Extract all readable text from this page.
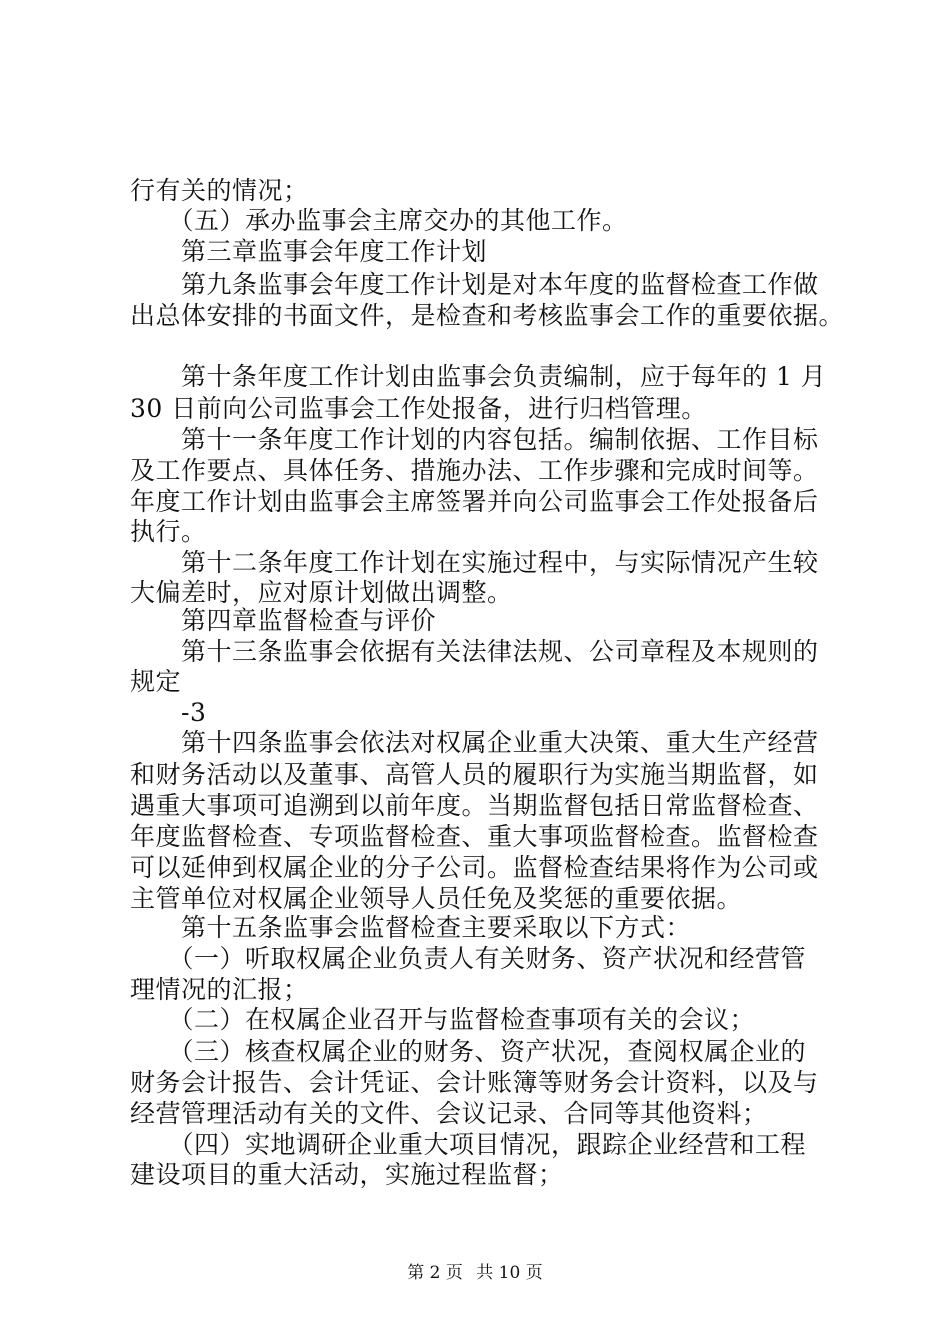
行有关的情况；
　　（五）承办监事会主席交办的其他工作。
　　第三章监事会年度工作计划
　　第九条监事会年度工作计划是对本年度的监督检查工作做
出总体安排的书面文件，是检查和考核监事会工作的重要依据。
　　第十条年度工作计划由监事会负责编制，应于每年的 1 月
30 日前向公司监事会工作处报备，进行归档管理。
　　第十一条年度工作计划的内容包括。编制依据、工作目标
及工作要点、具体任务、措施办法、工作步骤和完成时间等。
年度工作计划由监事会主席签署并向公司监事会工作处报备后
执行。
　　第十二条年度工作计划在实施过程中，与实际情况产生较
大偏差时，应对原计划做出调整。
　　第四章监督检查与评价
　　第十三条监事会依据有关法律法规、公司章程及本规则的
规定
　　-3
　　第十四条监事会依法对权属企业重大决策、重大生产经营
和财务活动以及董事、高管人员的履职行为实施当期监督，如
遇重大事项可追溯到以前年度。当期监督包括日常监督检查、
年度监督检查、专项监督检查、重大事项监督检查。监督检查
可以延伸到权属企业的分子公司。监督检查结果将作为公司或
主管单位对权属企业领导人员任免及奖惩的重要依据。
　　第十五条监事会监督检查主要采取以下方式：
　　（一）听取权属企业负责人有关财务、资产状况和经营管
理情况的汇报；
　　（二）在权属企业召开与监督检查事项有关的会议；
　　（三）核查权属企业的财务、资产状况，查阅权属企业的
财务会计报告、会计凭证、会计账簿等财务会计资料，以及与
经营管理活动有关的文件、会议记录、合同等其他资料；
　　（四）实地调研企业重大项目情况，跟踪企业经营和工程
建设项目的重大活动，实施过程监督；
第 2 页 共 10 页
